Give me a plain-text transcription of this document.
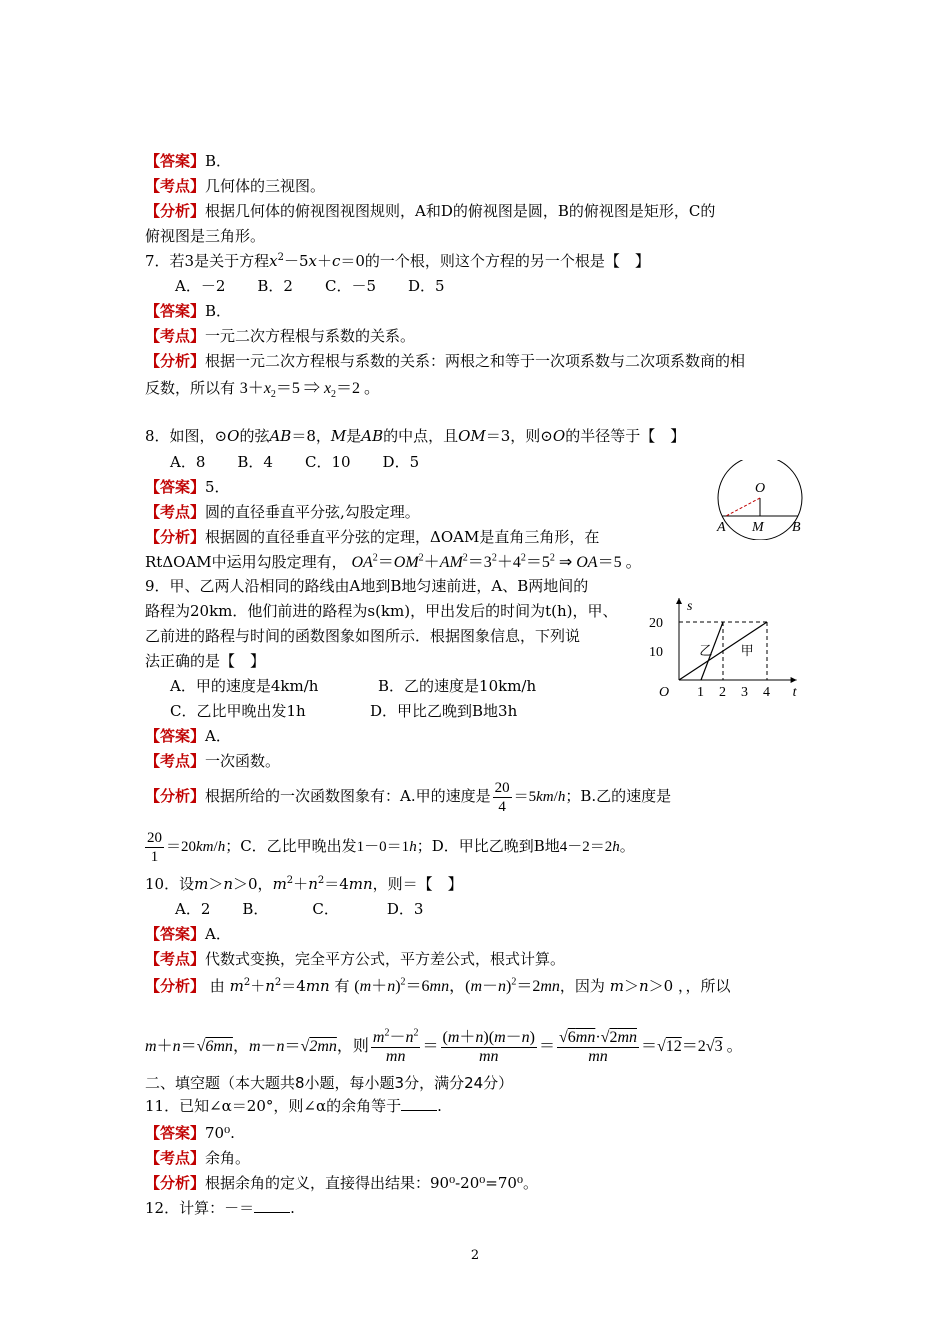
【答案】B．
【考点】几何体的三视图。
【分析】根据几何体的俯视图视图规则，A和D的俯视图是圆，B的俯视图是矩形，C的
俯视图是三角形。
7．若3是关于方程$x^2-5x+c=0$的一个根，则这个方程的另一个根是【　】
A．－2 B．2 C．－5 D．5
【答案】B．
【考点】一元二次方程根与系数的关系。
【分析】根据一元二次方程根与系数的关系：两根之和等于一次项系数与二次项系数商的相
反数，所以有 $3+x_2=5$ ⇒ $x_2=2$ 。
8．如图，⊙O的弦AB＝8，M是AB的中点，且OM＝3，则⊙O的半径等于【　】
A．8 B．4 C．10 D．5
【答案】5．
【考点】圆的直径垂直平分弦,勾股定理。
【分析】根据圆的直径垂直平分弦的定理，ΔOAM是直角三角形，在
RtΔOAM中运用勾股定理有， $OA^2=OM^2+AM^2=3^2+4^2=5^2$ ⇒ OA＝5 。
O
A M B
9．甲、乙两人沿相同的路线由A地到B地匀速前进，A、B两地间的
路程为20km．他们前进的路程为s(km)，甲出发后的时间为t(h)，甲、
乙前进的路程与时间的函数图象如图所示．根据图象信息，下列说
法正确的是【　】
A．甲的速度是4km/h	B．乙的速度是10km/h
C．乙比甲晚出发1h	D．甲比乙晚到B地3h
【答案】A．
【考点】一次函数。
【分析】根据所给的一次函数图象有：A.甲的速度是 $\frac{20}{4} =5km/h$；B.乙的速度是
$\frac{20}{1} =20km/h$；C．乙比甲晚出发1－0＝1h；D．甲比乙晚到B地4－2＝2h。
s
t
O 1 2 3 4
10
20
甲
乙
10．设m＞n＞0，$m^2+n^2=4mn$，则＝【　】
A．2 B．	C．	D．3
【答案】A．
【考点】代数式变换，完全平方公式，平方差公式，根式计算。
【分析】 由 $m^2+n^2=4mn$ 有 $(m+n)^2=6mn$，$(m-n)^2=2mn$，因为 m＞n＞0 ，，所以
m＋n＝√6mn，m－n＝√2mn，则 $\frac{m^2-n^2}{mn} = \frac{(m+n)(m-n)}{mn} = \frac{√6mn\cdot√2mn}{mn} =√12=2√3$ 。
二、填空题（本大题共8小题，每小题3分，满分24分）
11．已知∠α＝20°，则∠α的余角等于 .
【答案】70⁰.
【考点】余角。
【分析】根据余角的定义，直接得出结果：90⁰-20⁰=70⁰。
12．计算：－＝ .
2
